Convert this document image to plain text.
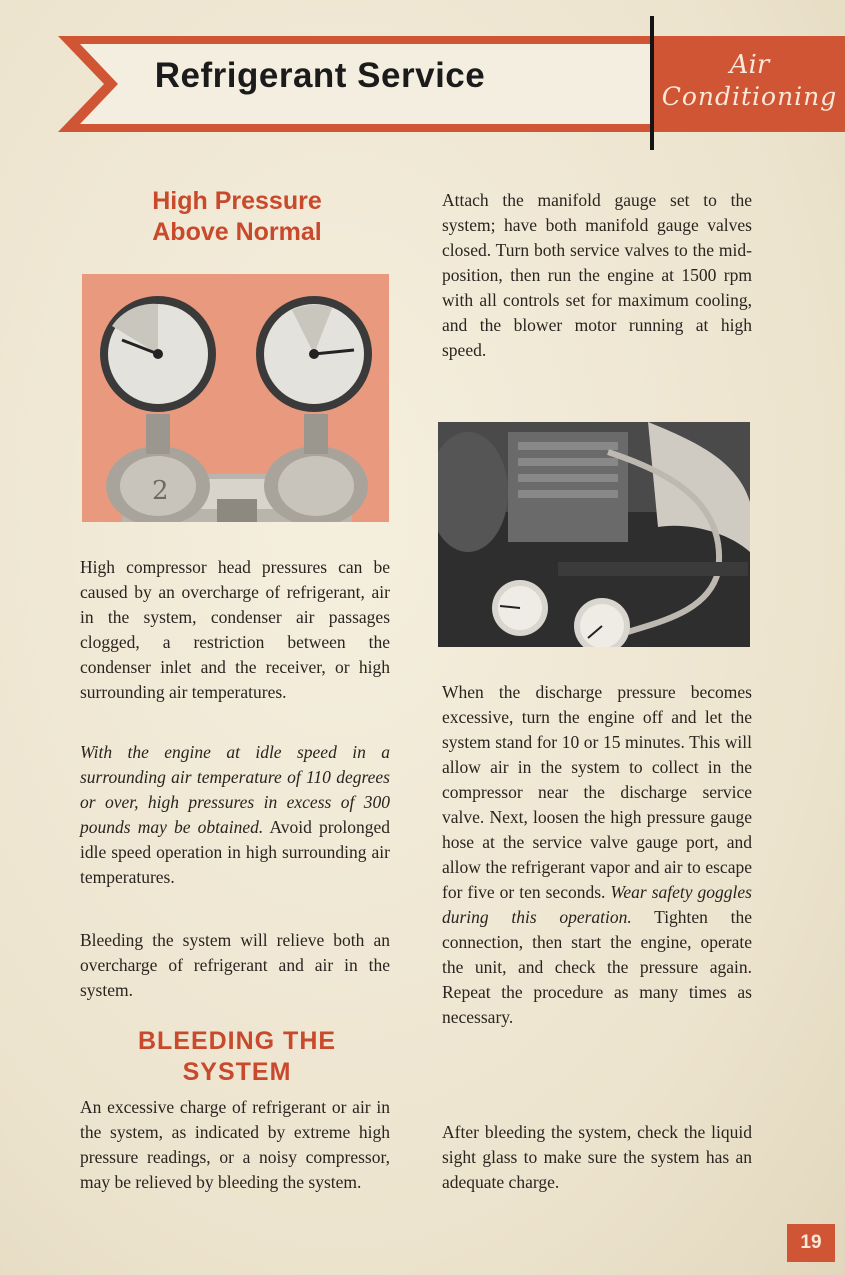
Refrigerant Service	Air
Conditioning
High Pressure
Above Normal
2
High compressor head pressures can be caused by an overcharge of refrigerant, air in the system, condenser air passages clogged, a restriction between the condenser inlet and the receiver, or high surrounding air temperatures.
With the engine at idle speed in a surrounding air temperature of 110 degrees or over, high pressures in excess of 300 pounds may be obtained. Avoid prolonged idle speed operation in high surrounding air temperatures.
Bleeding the system will relieve both an overcharge of refrigerant and air in the system.
BLEEDING THE
SYSTEM
An excessive charge of refrigerant or air in the system, as indicated by extreme high pressure readings, or a noisy compressor, may be relieved by bleeding the system.
Attach the manifold gauge set to the system; have both manifold gauge valves closed. Turn both service valves to the mid-position, then run the engine at 1500 rpm with all controls set for maximum cooling, and the blower motor running at high speed.
When the discharge pressure becomes excessive, turn the engine off and let the system stand for 10 or 15 minutes. This will allow air in the system to collect in the compressor near the discharge service valve. Next, loosen the high pressure gauge hose at the service valve gauge port, and allow the refrigerant vapor and air to escape for five or ten seconds. Wear safety goggles during this operation. Tighten the connection, then start the engine, operate the unit, and check the pressure again. Repeat the procedure as many times as necessary.
After bleeding the system, check the liquid sight glass to make sure the system has an adequate charge.
19
